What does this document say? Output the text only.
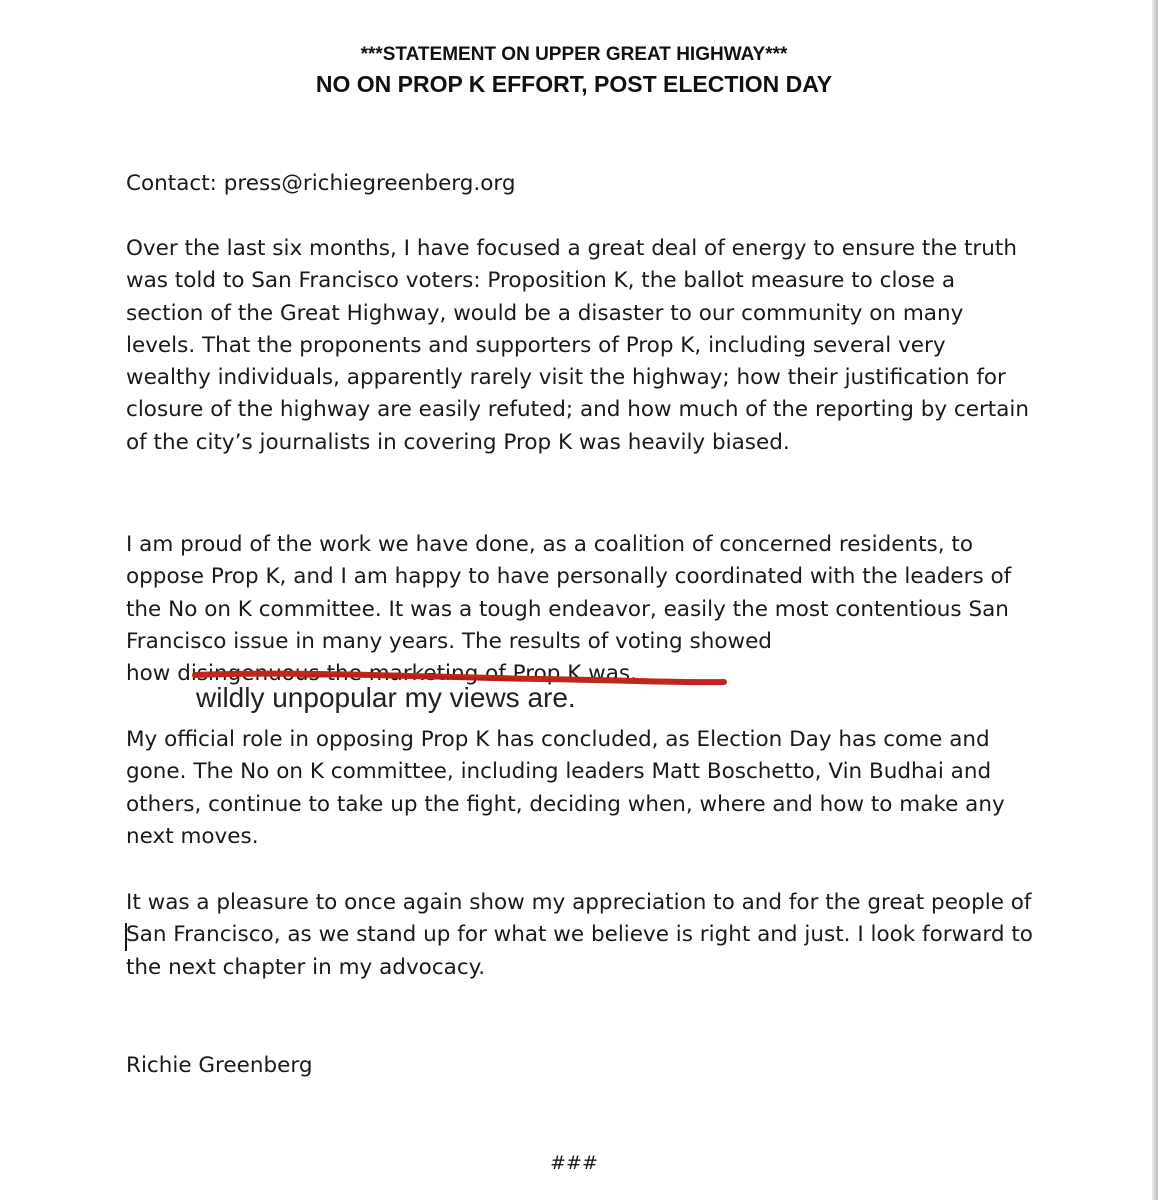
***STATEMENT ON UPPER GREAT HIGHWAY***
NO ON PROP K EFFORT, POST ELECTION DAY

Contact: press@richiegreenberg.org

Over the last six months, I have focused a great deal of energy to ensure the truth was told to San Francisco voters: Proposition K, the ballot measure to close a section of the Great Highway, would be a disaster to our community on many levels. That the proponents and supporters of Prop K, including several very wealthy individuals, apparently rarely visit the highway; how their justification for closure of the highway are easily refuted; and how much of the reporting by certain of the city’s journalists in covering Prop K was heavily biased.

I am proud of the work we have done, as a coalition of concerned residents, to oppose Prop K, and I am happy to have personally coordinated with the leaders of the No on K committee. It was a tough endeavor, easily the most contentious San Francisco issue in many years. The results of voting showed
how disingenuous the marketing of Prop K was.
wildly unpopular my views are.

My official role in opposing Prop K has concluded, as Election Day has come and gone. The No on K committee, including leaders Matt Boschetto, Vin Budhai and others, continue to take up the fight, deciding when, where and how to make any next moves.

It was a pleasure to once again show my appreciation to and for the great people of San Francisco, as we stand up for what we believe is right and just. I look forward to the next chapter in my advocacy.

Richie Greenberg

###
